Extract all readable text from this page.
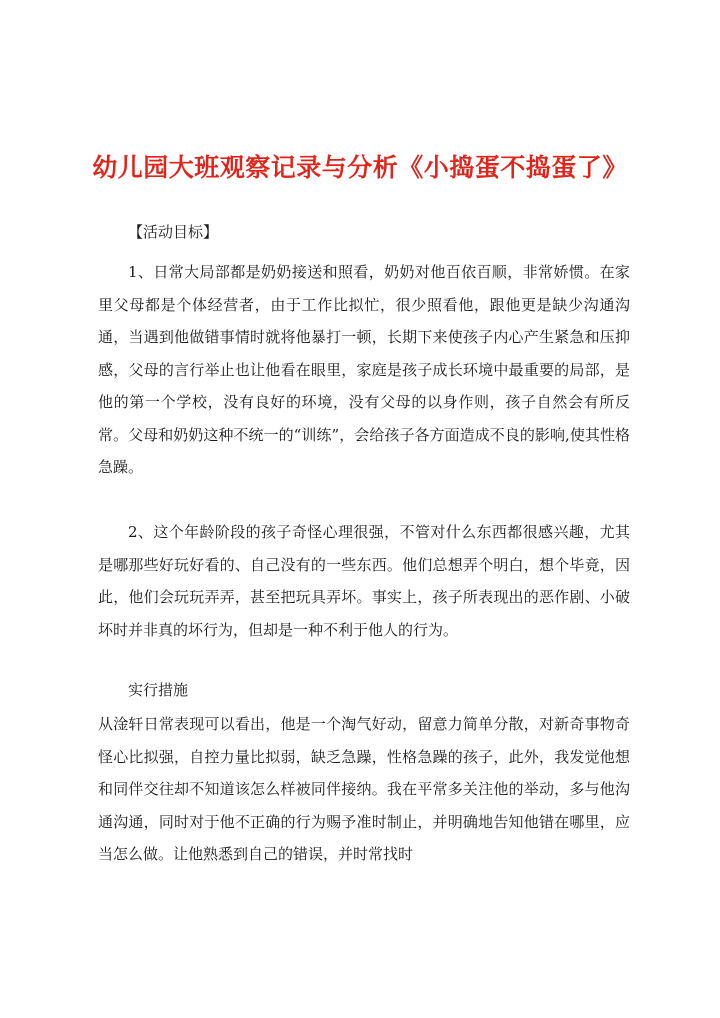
幼儿园大班观察记录与分析《小捣蛋不捣蛋了》
【活动目标】
1、日常大局部都是奶奶接送和照看，奶奶对他百依百顺，非常娇惯。在家里父母都是个体经营者，由于工作比拟忙，很少照看他，跟他更是缺少沟通沟通，当遇到他做错事情时就将他暴打一顿，长期下来使孩子内心产生紧急和压抑感，父母的言行举止也让他看在眼里，家庭是孩子成长环境中最重要的局部，是他的第一个学校，没有良好的环境，没有父母的以身作则，孩子自然会有所反常。父母和奶奶这种不统一的“训练”，会给孩子各方面造成不良的影响,使其性格急躁。
2、这个年龄阶段的孩子奇怪心理很强，不管对什么东西都很感兴趣，尤其是哪那些好玩好看的、自己没有的一些东西。他们总想弄个明白，想个毕竟，因此，他们会玩玩弄弄，甚至把玩具弄坏。事实上，孩子所表现出的恶作剧、小破坏时并非真的坏行为，但却是一种不利于他人的行为。
实行措施
从淦轩日常表现可以看出，他是一个淘气好动，留意力简单分散，对新奇事物奇怪心比拟强，自控力量比拟弱，缺乏急躁，性格急躁的孩子，此外，我发觉他想和同伴交往却不知道该怎么样被同伴接纳。我在平常多关注他的举动，多与他沟通沟通，同时对于他不正确的行为赐予准时制止，并明确地告知他错在哪里，应当怎么做。让他熟悉到自己的错误，并时常找时
